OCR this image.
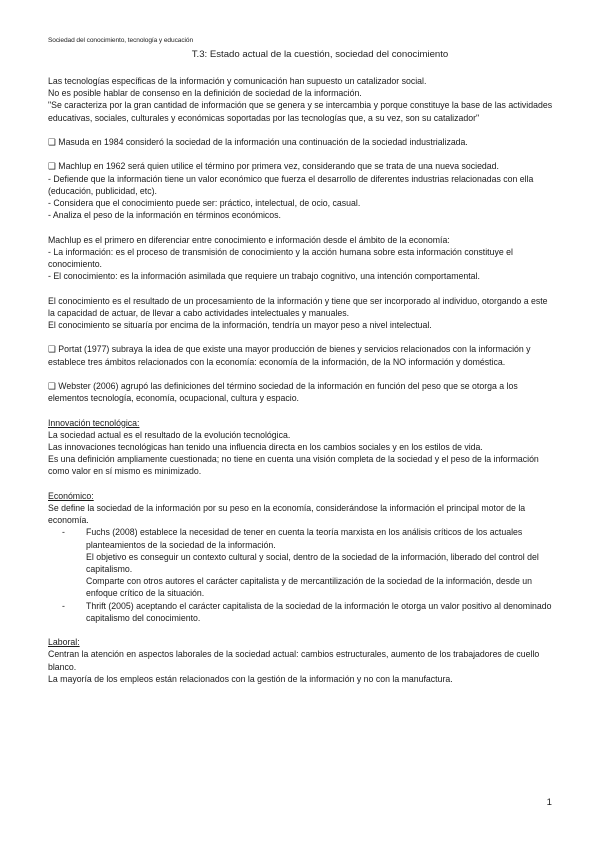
Sociedad del conocimiento, tecnología y educación
T.3: Estado actual de la cuestión, sociedad del conocimiento

Las tecnologías específicas de la información y comunicación han supuesto un catalizador social.

No es posible hablar de consenso en la definición de sociedad de la información.

"Se caracteriza por la gran cantidad de información que se genera y se intercambia y porque constituye la base de las actividades educativas, sociales, culturales y económicas soportadas por las tecnologías que, a su vez, son su catalizador"

❑ Masuda en 1984 consideró la sociedad de la información una continuación de la sociedad industrializada.

❑ Machlup en 1962 será quien utilice el término por primera vez, considerando que se trata de una nueva sociedad.

- Defiende que la información tiene un valor económico que fuerza el desarrollo de diferentes industrias relacionadas con ella (educación, publicidad, etc).

- Considera que el conocimiento puede ser: práctico, intelectual, de ocio, casual.

- Analiza el peso de la información en términos económicos.

Machlup es el primero en diferenciar entre conocimiento e información desde el ámbito de la economía:

- La información: es el proceso de transmisión de conocimiento y la acción humana sobre esta información constituye el conocimiento.

- El conocimiento: es la información asimilada que requiere un trabajo cognitivo, una intención comportamental.

El conocimiento es el resultado de un procesamiento de la información y tiene que ser incorporado al individuo, otorgando a este la capacidad de actuar, de llevar a cabo actividades intelectuales y manuales.

El conocimiento se situaría por encima de la información, tendría un mayor peso a nivel intelectual.

❑ Portat (1977) subraya la idea de que existe una mayor producción de bienes y servicios relacionados con la información y establece tres ámbitos relacionados con la economía: economía de la información, de la NO información y doméstica.

❑ Webster (2006) agrupó las definiciones del término sociedad de la información en función del peso que se otorga a los elementos tecnología, economía, ocupacional, cultura y espacio.

Innovación tecnológica:

La sociedad actual es el resultado de la evolución tecnológica.

Las innovaciones tecnológicas han tenido una influencia directa en los cambios sociales y en los estilos de vida.

Es una definición ampliamente cuestionada; no tiene en cuenta una visión completa de la sociedad y el peso de la información como valor en sí mismo es minimizado.

Económico:

Se define la sociedad de la información por su peso en la economía, considerándose la información el principal motor de la economía.

-	Fuchs (2008) establece la necesidad de tener en cuenta la teoría marxista en los análisis críticos de los actuales planteamientos de la sociedad de la información.

El objetivo es conseguir un contexto cultural y social, dentro de la sociedad de la información, liberado del control del capitalismo.

Comparte con otros autores el carácter capitalista y de mercantilización de la sociedad de la información, desde un enfoque crítico de la situación.

-	Thrift (2005) aceptando el carácter capitalista de la sociedad de la información le otorga un valor positivo al denominado capitalismo del conocimiento.

Laboral:

Centran la atención en aspectos laborales de la sociedad actual: cambios estructurales, aumento de los trabajadores de cuello blanco.

La mayoría de los empleos están relacionados con la gestión de la información y no con la manufactura.

1
